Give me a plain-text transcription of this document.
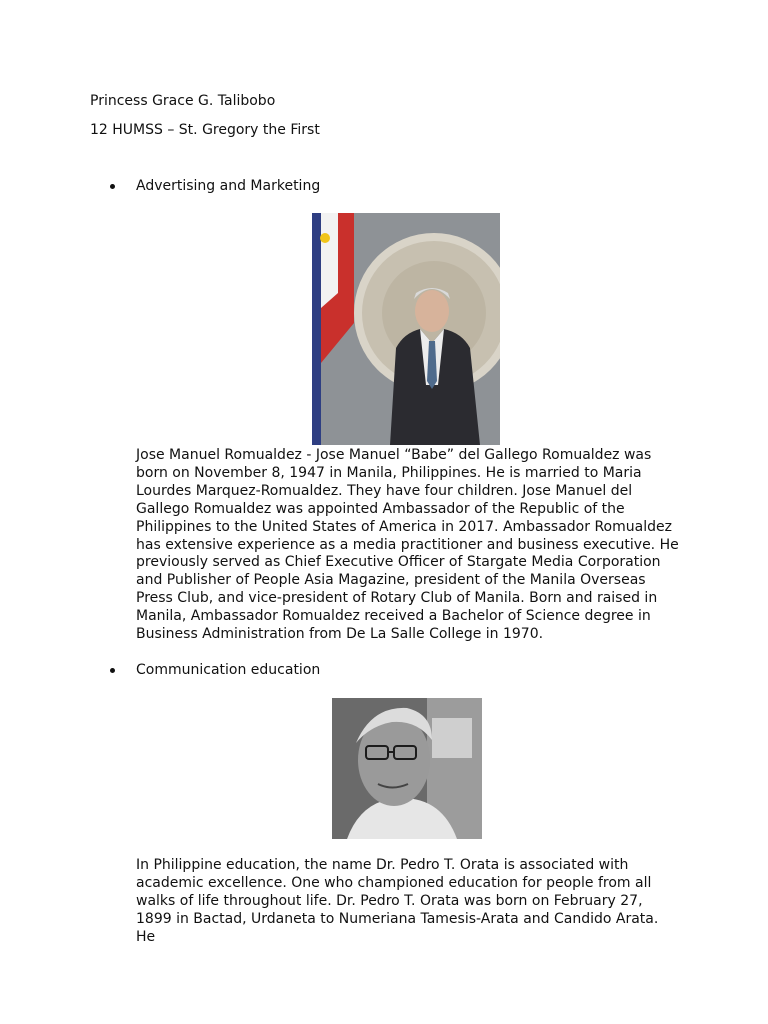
Princess Grace G. Talibobo

12 HUMSS – St. Gregory the First

Advertising and Marketing

Jose Manuel Romualdez - Jose Manuel “Babe” del Gallego Romualdez was born on November 8, 1947 in Manila, Philippines. He is married to Maria Lourdes Marquez-Romualdez. They have four children. Jose Manuel del Gallego Romualdez was appointed Ambassador of the Republic of the Philippines to the United States of America in 2017. Ambassador Romualdez has extensive experience as a media practitioner and business executive. He previously served as Chief Executive Officer of Stargate Media Corporation and Publisher of People Asia Magazine, president of the Manila Overseas Press Club, and vice-president of Rotary Club of Manila. Born and raised in Manila, Ambassador Romualdez received a Bachelor of Science degree in Business Administration from De La Salle College in 1970.

Communication education

In Philippine education, the name Dr. Pedro T. Orata is associated with academic excellence. One who championed education for people from all walks of life throughout life. Dr. Pedro T. Orata was born on February 27, 1899 in Bactad, Urdaneta to Numeriana Tamesis-Arata and Candido Arata. He
